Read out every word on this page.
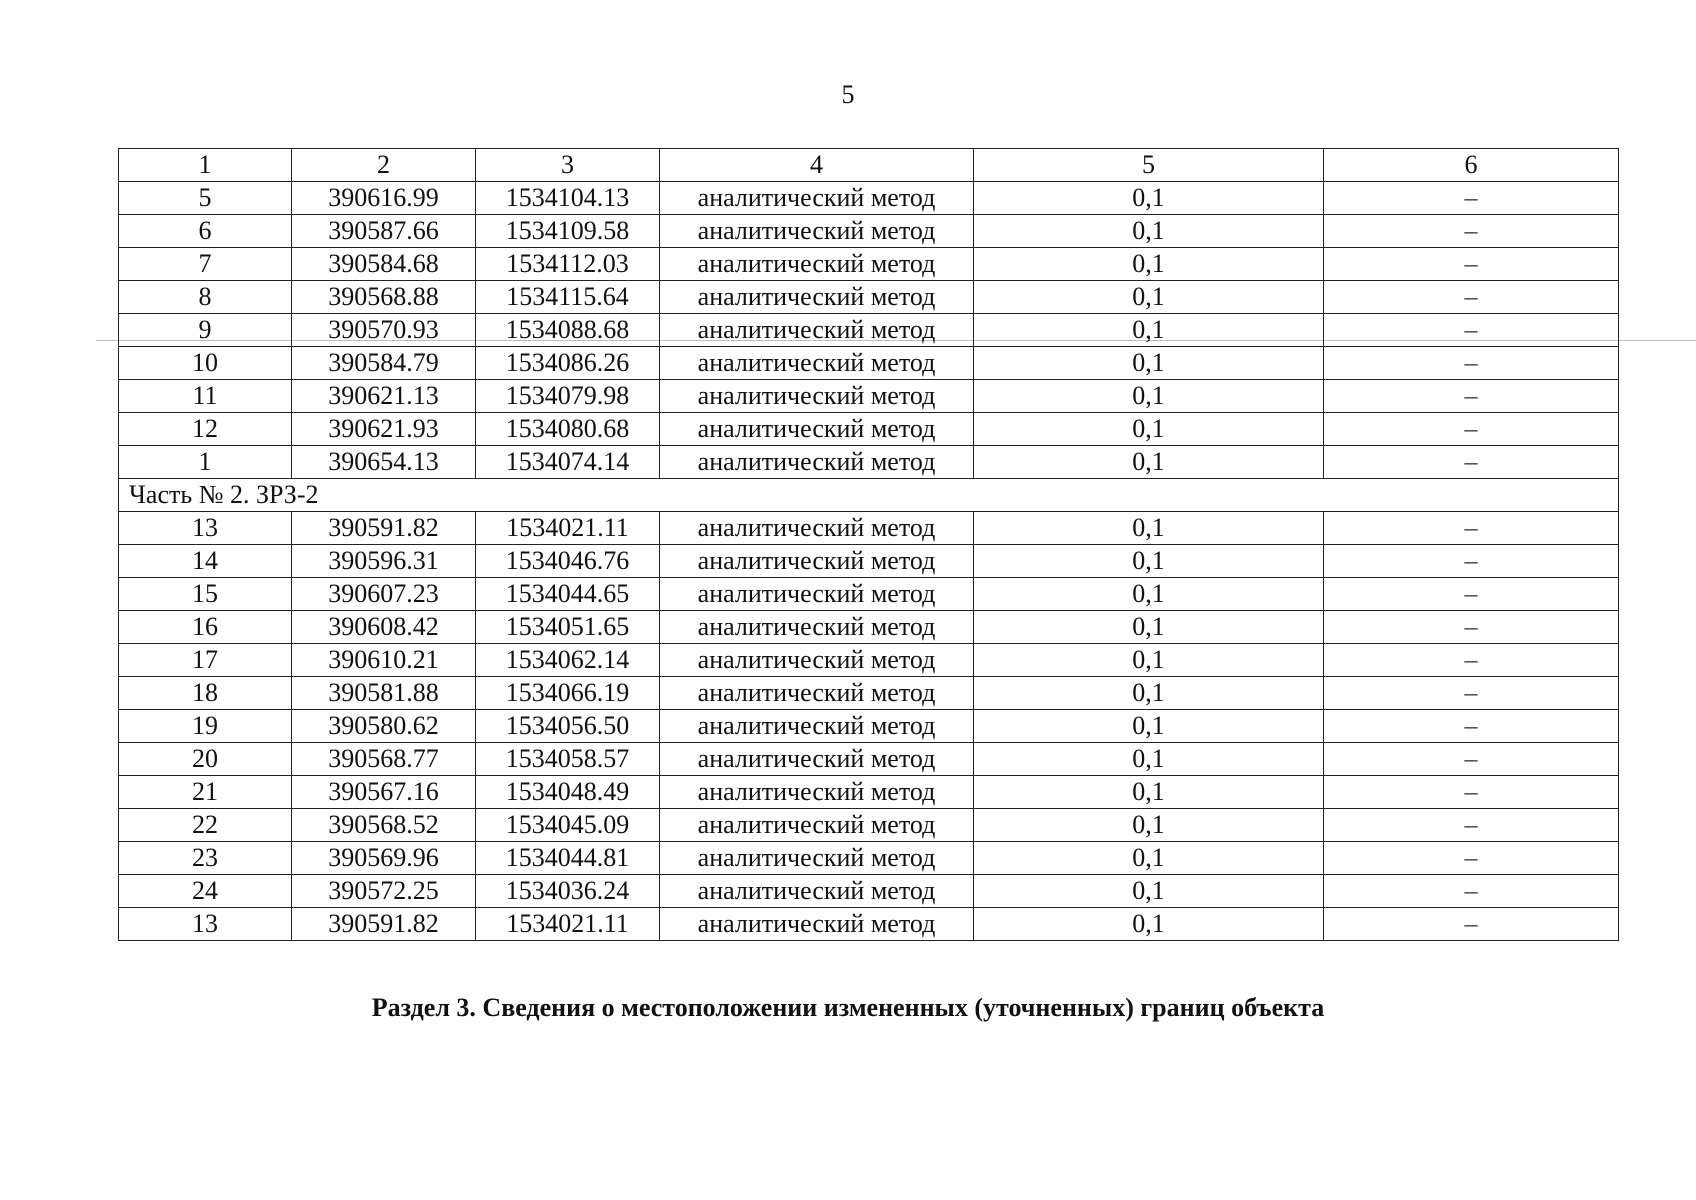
5
1	2	3	4	5	6
5	390616.99	1534104.13	аналитический метод	0,1	–
6	390587.66	1534109.58	аналитический метод	0,1	–
7	390584.68	1534112.03	аналитический метод	0,1	–
8	390568.88	1534115.64	аналитический метод	0,1	–
9	390570.93	1534088.68	аналитический метод	0,1	–
10	390584.79	1534086.26	аналитический метод	0,1	–
11	390621.13	1534079.98	аналитический метод	0,1	–
12	390621.93	1534080.68	аналитический метод	0,1	–
1	390654.13	1534074.14	аналитический метод	0,1	–
Часть № 2. ЗРЗ-2					
13	390591.82	1534021.11	аналитический метод	0,1	–
14	390596.31	1534046.76	аналитический метод	0,1	–
15	390607.23	1534044.65	аналитический метод	0,1	–
16	390608.42	1534051.65	аналитический метод	0,1	–
17	390610.21	1534062.14	аналитический метод	0,1	–
18	390581.88	1534066.19	аналитический метод	0,1	–
19	390580.62	1534056.50	аналитический метод	0,1	–
20	390568.77	1534058.57	аналитический метод	0,1	–
21	390567.16	1534048.49	аналитический метод	0,1	–
22	390568.52	1534045.09	аналитический метод	0,1	–
23	390569.96	1534044.81	аналитический метод	0,1	–
24	390572.25	1534036.24	аналитический метод	0,1	–
13	390591.82	1534021.11	аналитический метод	0,1	–
Раздел 3. Сведения о местоположении измененных (уточненных) границ объекта
